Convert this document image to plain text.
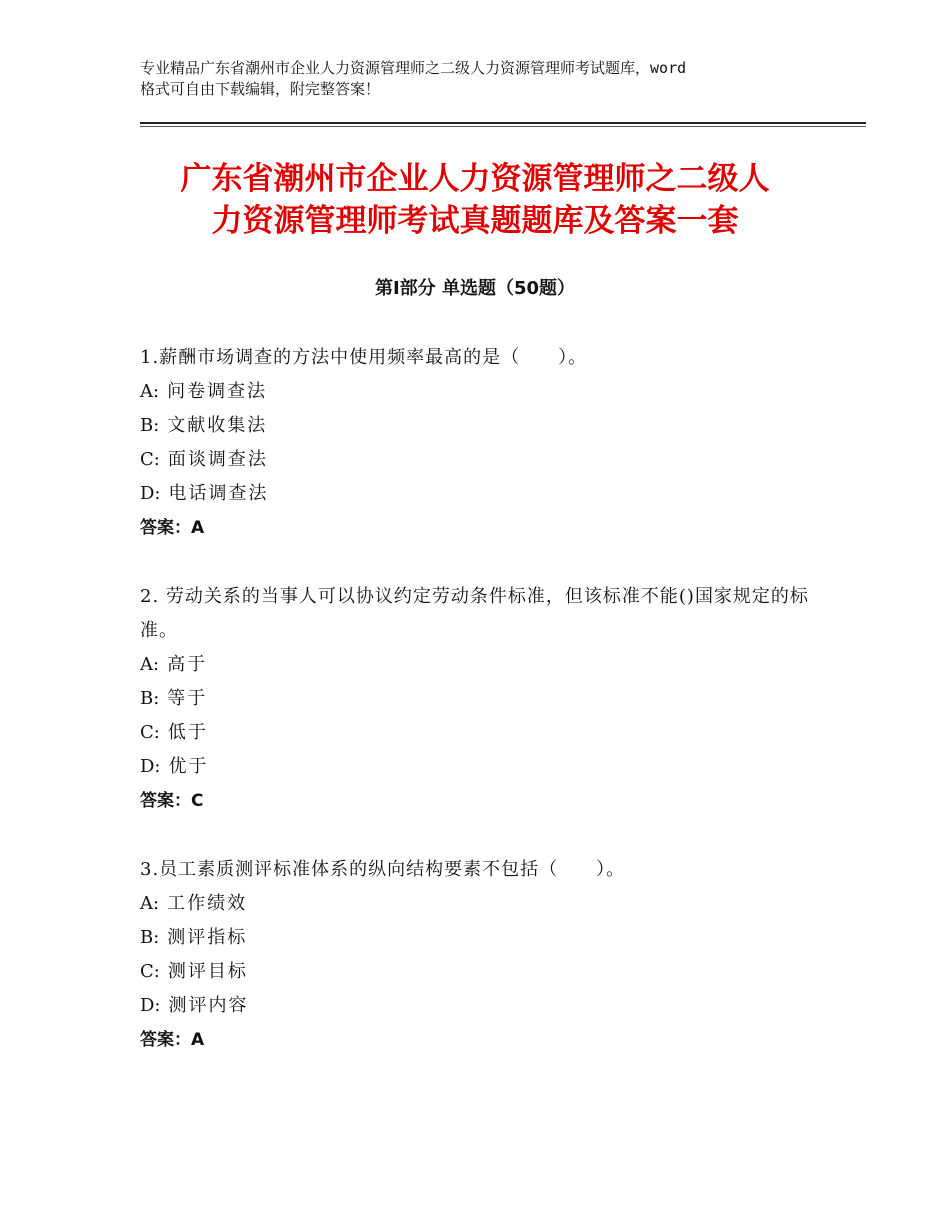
专业精品广东省潮州市企业人力资源管理师之二级人力资源管理师考试题库，word
格式可自由下载编辑，附完整答案！
广东省潮州市企业人力资源管理师之二级人
力资源管理师考试真题题库及答案一套
第Ⅰ部分 单选题（50题）
1.薪酬市场调查的方法中使用频率最高的是（　　）。
A: 问卷调查法
B: 文献收集法
C: 面谈调查法
D: 电话调查法
答案：A
2. 劳动关系的当事人可以协议约定劳动条件标准，但该标准不能()国家规定的标准。
A: 高于
B: 等于
C: 低于
D: 优于
答案：C
3.员工素质测评标准体系的纵向结构要素不包括（　　）。
A: 工作绩效
B: 测评指标
C: 测评目标
D: 测评内容
答案：A
